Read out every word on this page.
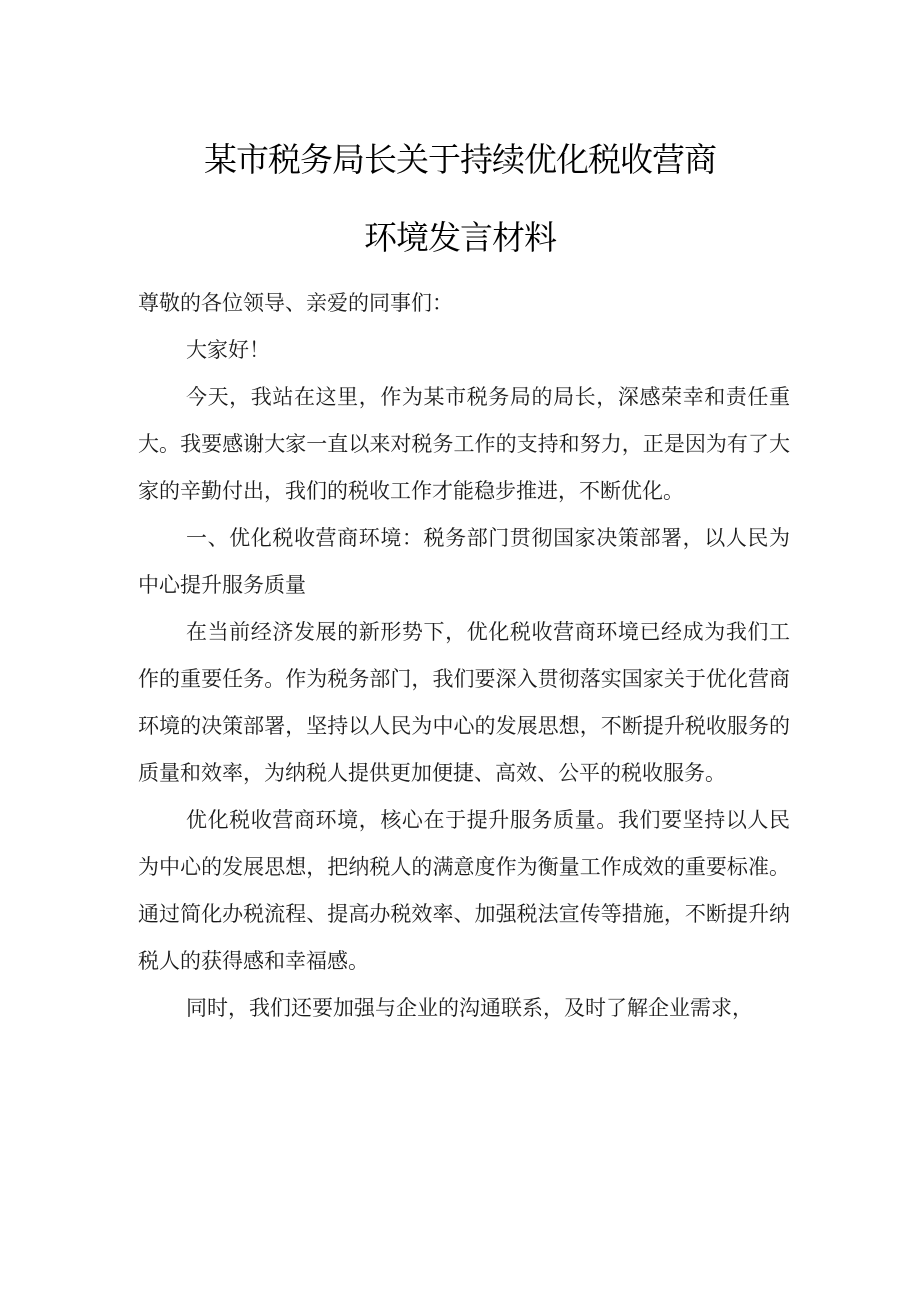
某市税务局长关于持续优化税收营商
环境发言材料

尊敬的各位领导、亲爱的同事们：

大家好！

今天，我站在这里，作为某市税务局的局长，深感荣幸和责任重大。我要感谢大家一直以来对税务工作的支持和努力，正是因为有了大家的辛勤付出，我们的税收工作才能稳步推进，不断优化。

一、优化税收营商环境：税务部门贯彻国家决策部署，以人民为中心提升服务质量

在当前经济发展的新形势下，优化税收营商环境已经成为我们工作的重要任务。作为税务部门，我们要深入贯彻落实国家关于优化营商环境的决策部署，坚持以人民为中心的发展思想，不断提升税收服务的质量和效率，为纳税人提供更加便捷、高效、公平的税收服务。

优化税收营商环境，核心在于提升服务质量。我们要坚持以人民为中心的发展思想，把纳税人的满意度作为衡量工作成效的重要标准。通过简化办税流程、提高办税效率、加强税法宣传等措施，不断提升纳税人的获得感和幸福感。

同时，我们还要加强与企业的沟通联系，及时了解企业需求，
